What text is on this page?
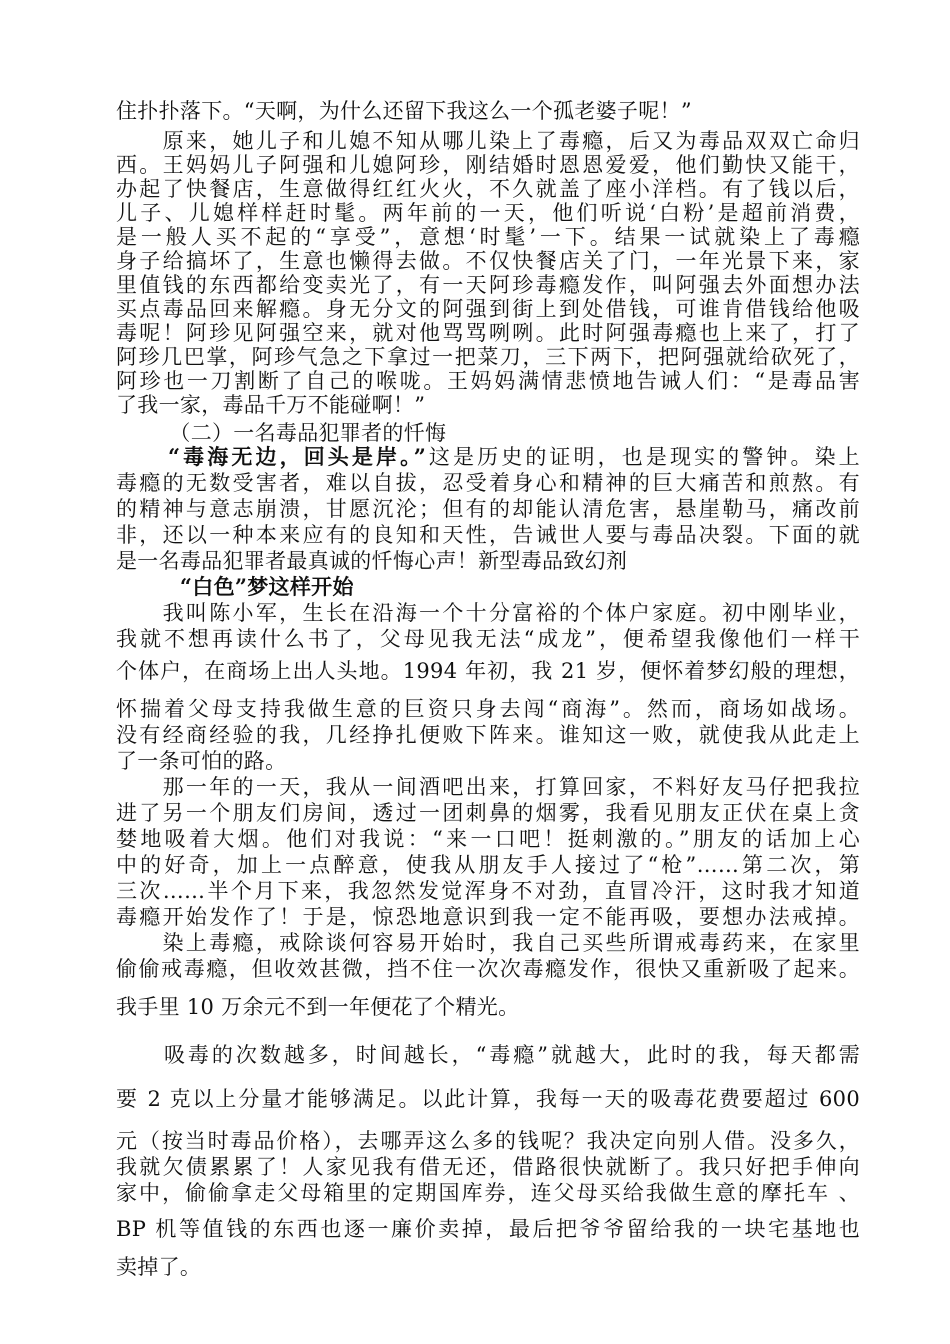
住扑扑落下。“天啊，为什么还留下我这么一个孤老婆子呢！”
　　原来，她儿子和儿媳不知从哪儿染上了毒瘾，后又为毒品双双亡命归
西。王妈妈儿子阿强和儿媳阿珍，刚结婚时恩恩爱爱，他们勤快又能干，
办起了快餐店，生意做得红红火火，不久就盖了座小洋档。有了钱以后，
儿子、儿媳样样赶时髦。两年前的一天，他们听说‘白粉’是超前消费，
是一般人买不起的“享受”，意想‘时髦’一下。结果一试就染上了毒瘾
身子给搞坏了，生意也懒得去做。不仅快餐店关了门，一年光景下来，家
里值钱的东西都给变卖光了，有一天阿珍毒瘾发作，叫阿强去外面想办法
买点毒品回来解瘾。身无分文的阿强到街上到处借钱，可谁肯借钱给他吸
毒呢！阿珍见阿强空来，就对他骂骂咧咧。此时阿强毒瘾也上来了，打了
阿珍几巴掌，阿珍气急之下拿过一把菜刀，三下两下，把阿强就给砍死了，
阿珍也一刀割断了自己的喉咙。王妈妈满情悲愤地告诫人们：“是毒品害
了我一家，毒品千万不能碰啊！”
　　　（二）一名毒品犯罪者的忏悔
“毒海无边，回头是岸。”这是历史的证明，也是现实的警钟。染上
毒瘾的无数受害者，难以自拔，忍受着身心和精神的巨大痛苦和煎熬。有
的精神与意志崩溃，甘愿沉沦；但有的却能认清危害，悬崖勒马，痛改前
非，还以一种本来应有的良知和天性，告诫世人要与毒品决裂。下面的就
是一名毒品犯罪者最真诚的忏悔心声！新型毒品致幻剂
　　　“白色”梦这样开始
　　我叫陈小军，生长在沿海一个十分富裕的个体户家庭。初中刚毕业，
我就不想再读什么书了，父母见我无法“成龙”，便希望我像他们一样干
个体户，在商场上出人头地。1994 年初，我 21 岁，便怀着梦幻般的理想，
怀揣着父母支持我做生意的巨资只身去闯“商海”。然而，商场如战场。
没有经商经验的我，几经挣扎便败下阵来。谁知这一败，就使我从此走上
了一条可怕的路。
　　那一年的一天，我从一间酒吧出来，打算回家，不料好友马仔把我拉
进了另一个朋友们房间，透过一团刺鼻的烟雾，我看见朋友正伏在桌上贪
婪地吸着大烟。他们对我说：“来一口吧！挺刺激的。”朋友的话加上心
中的好奇，加上一点醉意，使我从朋友手人接过了“枪”……第二次，第
三次……半个月下来，我忽然发觉浑身不对劲，直冒冷汗，这时我才知道
毒瘾开始发作了！于是，惊恐地意识到我一定不能再吸，要想办法戒掉。
　　染上毒瘾，戒除谈何容易开始时，我自己买些所谓戒毒药来，在家里
偷偷戒毒瘾，但收效甚微，挡不住一次次毒瘾发作，很快又重新吸了起来。
我手里 10 万余元不到一年便花了个精光。
　　吸毒的次数越多，时间越长，“毒瘾”就越大，此时的我，每天都需
要 2 克以上分量才能够满足。以此计算，我每一天的吸毒花费要超过 600
元（按当时毒品价格），去哪弄这么多的钱呢？我决定向别人借。没多久，
我就欠债累累了！人家见我有借无还，借路很快就断了。我只好把手伸向
家中，偷偷拿走父母箱里的定期国库券，连父母买给我做生意的摩托车 、
BP 机等值钱的东西也逐一廉价卖掉，最后把爷爷留给我的一块宅基地也
卖掉了。
